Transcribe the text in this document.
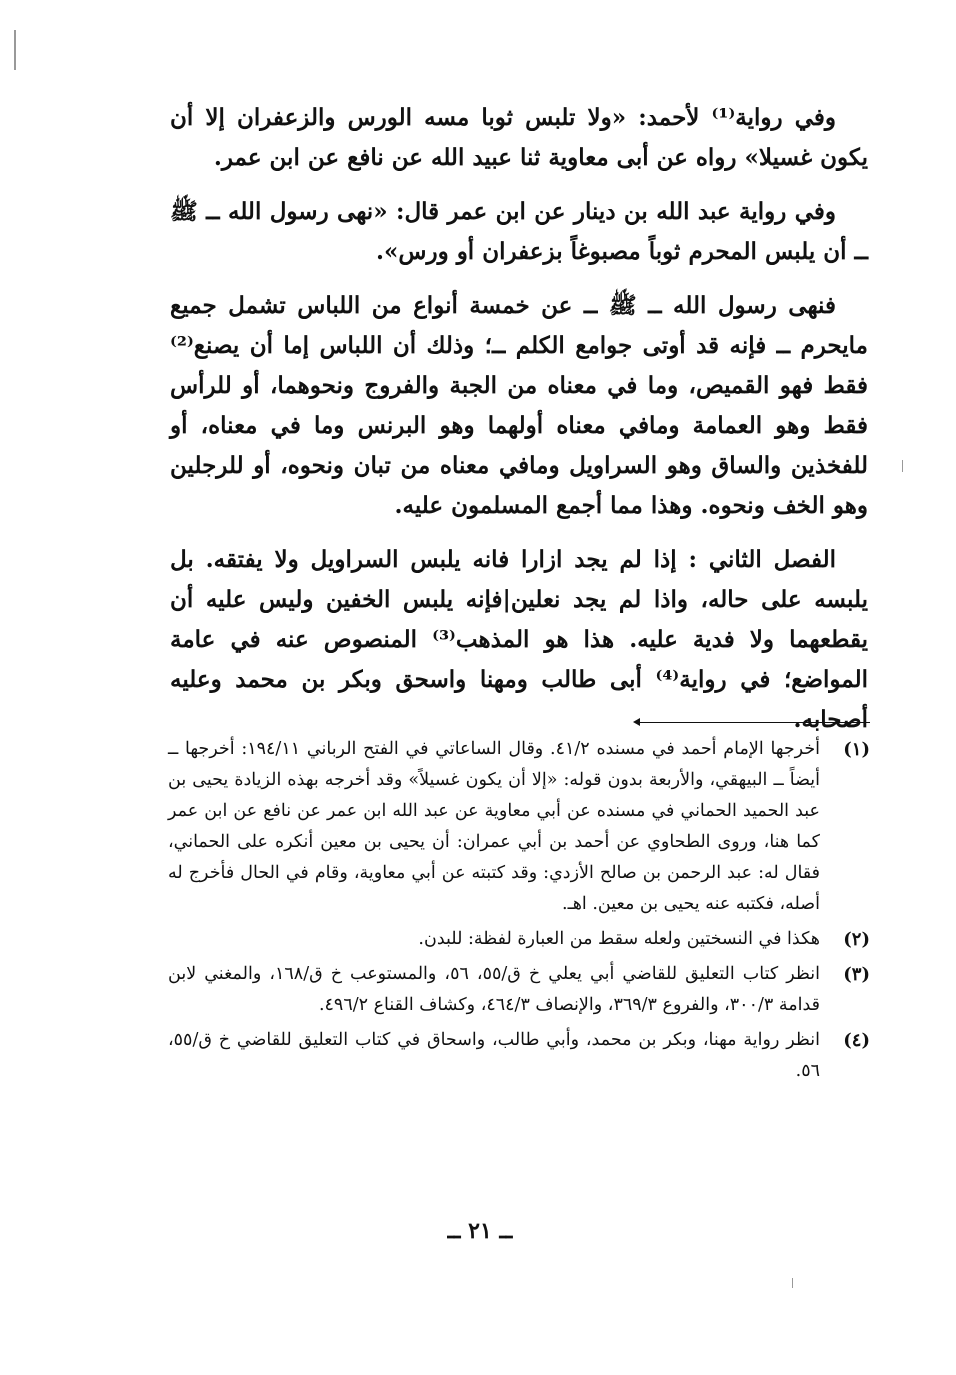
وفي رواية⁽¹⁾ لأحمد: «ولا تلبس ثوبا مسه الورس والزعفران إلا أن يكون غسيلا» رواه عن أبى معاوية ثنا عبيد الله عن نافع عن ابن عمر.

وفي رواية عبد الله بن دينار عن ابن عمر قال: «نهى رسول الله ــ ﷺ ــ أن يلبس المحرم ثوباً مصبوغاً بزعفران أو ورس».

فنهى رسول الله ــ ﷺ ــ عن خمسة أنواع من اللباس تشمل جميع مايحرم ــ فإنه قد أوتى جوامع الكلم ــ؛ وذلك أن اللباس إما أن يصنع⁽²⁾ فقط فهو القميص، وما في معناه من الجبة والفروج ونحوهما، أو للرأس فقط وهو العمامة ومافي معناه أولهما وهو البرنس وما في معناه، أو للفخذين والساق وهو السراويل ومافي معناه من تبان ونحوه، أو للرجلين وهو الخف ونحوه. وهذا مما أجمع المسلمون عليه.

الفصل الثاني : إذا لم يجد ازارا فانه يلبس السراويل ولا يفتقه. بل يلبسه على حاله، واذا لم يجد نعلين|فإنه يلبس الخفين وليس عليه أن يقطعهما ولا فدية عليه. هذا هو المذهب⁽³⁾ المنصوص عنه في عامة المواضع؛ في رواية⁽⁴⁾ أبى طالب ومهنا واسحق وبكر بن محمد وعليه أصحابه.

(١)
أخرجها الإمام أحمد في مسنده ٤١/٢. وقال الساعاتي في الفتح الرباني ١٩٤/١١: أخرجها ــ أيضاً ــ البيهقي، والأربعة بدون قوله: «إلا أن يكون غسيلاً» وقد أخرجه بهذه الزيادة يحيى بن عبد الحميد الحماني في مسنده عن أبي معاوية عن عبد الله ابن عمر عن نافع عن ابن عمر كما هنا، وروى الطحاوي عن أحمد بن أبي عمران: أن يحيى بن معين أنكره على الحماني، فقال له: عبد الرحمن بن صالح الأزدي: وقد كتبته عن أبي معاوية، وقام في الحال فأخرج له أصله، فكتبه عنه يحيى بن معين. اهـ.
(٢)
هكذا في النسختين ولعله سقط من العبارة لفظة: للبدن.
(٣)
انظر كتاب التعليق للقاضي أبي يعلي خ ق/٥٥، ٥٦، والمستوعب خ ق/١٦٨، والمغني لابن قدامة ٣٠٠/٣، والفروع ٣٦٩/٣، والإنصاف ٤٦٤/٣، وكشاف القناع ٤٩٦/٢.
(٤)
انظر رواية مهنا، وبكر بن محمد، وأبي طالب، واسحاق في كتاب التعليق للقاضي خ ق/٥٥، ٥٦.
ــ ٢١ ــ
